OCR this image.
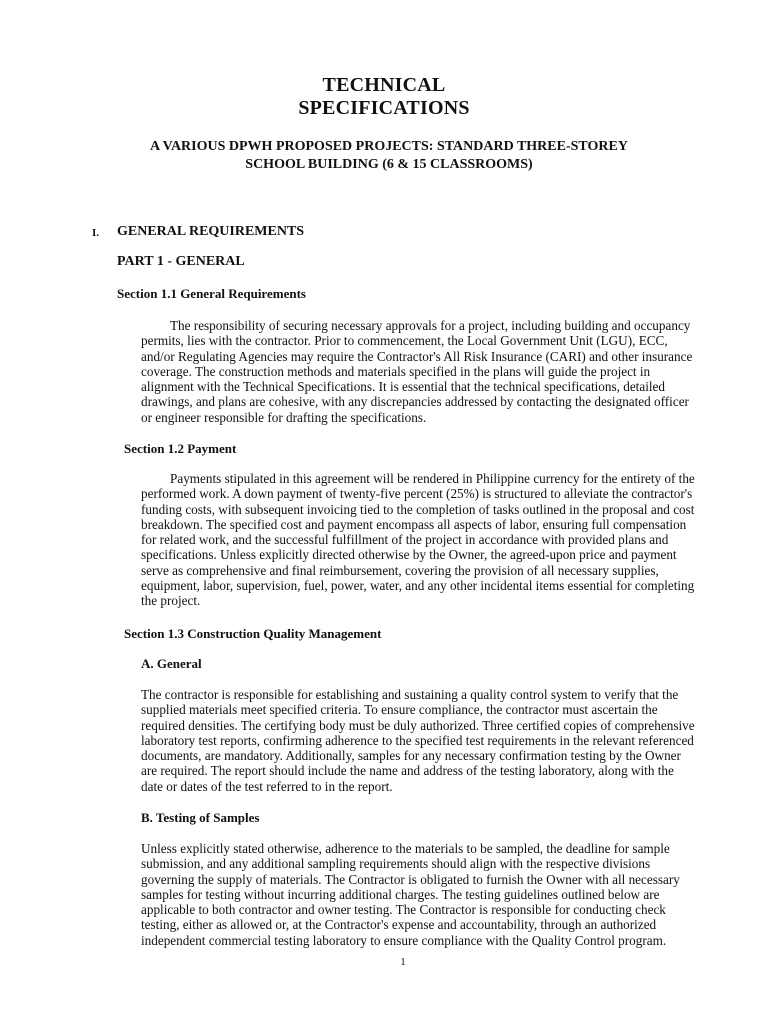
TECHNICAL
SPECIFICATIONS
A VARIOUS DPWH PROPOSED PROJECTS: STANDARD THREE-STOREY
SCHOOL BUILDING (6 & 15 CLASSROOMS)
I. GENERAL REQUIREMENTS
PART 1 - GENERAL
Section 1.1 General Requirements
The responsibility of securing necessary approvals for a project, including building and occupancy
permits, lies with the contractor. Prior to commencement, the Local Government Unit (LGU), ECC,
and/or Regulating Agencies may require the Contractor's All Risk Insurance (CARI) and other insurance
coverage. The construction methods and materials specified in the plans will guide the project in
alignment with the Technical Specifications. It is essential that the technical specifications, detailed
drawings, and plans are cohesive, with any discrepancies addressed by contacting the designated officer
or engineer responsible for drafting the specifications.
Section 1.2 Payment
Payments stipulated in this agreement will be rendered in Philippine currency for the entirety of the
performed work. A down payment of twenty-five percent (25%) is structured to alleviate the contractor's
funding costs, with subsequent invoicing tied to the completion of tasks outlined in the proposal and cost
breakdown. The specified cost and payment encompass all aspects of labor, ensuring full compensation
for related work, and the successful fulfillment of the project in accordance with provided plans and
specifications. Unless explicitly directed otherwise by the Owner, the agreed-upon price and payment
serve as comprehensive and final reimbursement, covering the provision of all necessary supplies,
equipment, labor, supervision, fuel, power, water, and any other incidental items essential for completing
the project.
Section 1.3 Construction Quality Management
A. General
The contractor is responsible for establishing and sustaining a quality control system to verify that the
supplied materials meet specified criteria. To ensure compliance, the contractor must ascertain the
required densities. The certifying body must be duly authorized. Three certified copies of comprehensive
laboratory test reports, confirming adherence to the specified test requirements in the relevant referenced
documents, are mandatory. Additionally, samples for any necessary confirmation testing by the Owner
are required. The report should include the name and address of the testing laboratory, along with the
date or dates of the test referred to in the report.
B. Testing of Samples
Unless explicitly stated otherwise, adherence to the materials to be sampled, the deadline for sample
submission, and any additional sampling requirements should align with the respective divisions
governing the supply of materials. The Contractor is obligated to furnish the Owner with all necessary
samples for testing without incurring additional charges. The testing guidelines outlined below are
applicable to both contractor and owner testing. The Contractor is responsible for conducting check
testing, either as allowed or, at the Contractor's expense and accountability, through an authorized
independent commercial testing laboratory to ensure compliance with the Quality Control program.
1
